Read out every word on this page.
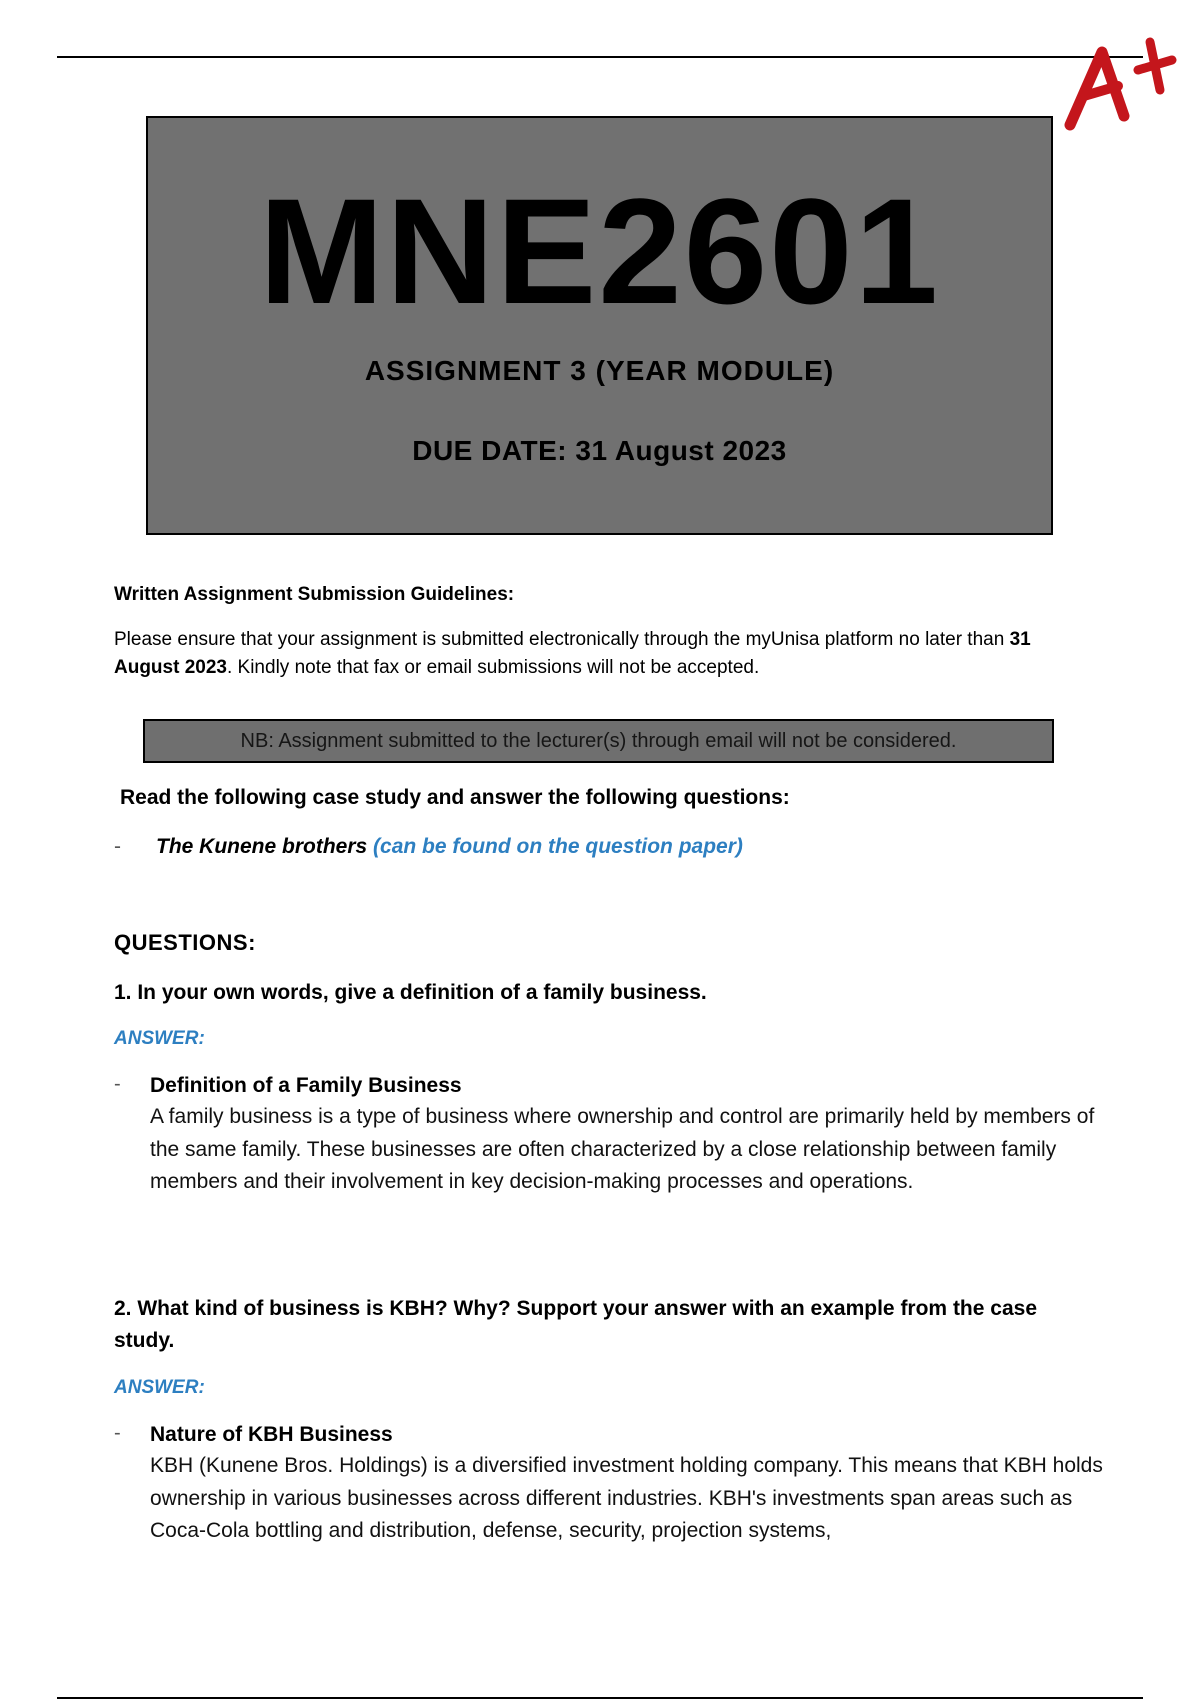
MNE2601
ASSIGNMENT 3 (YEAR MODULE)
DUE DATE: 31 August 2023
Written Assignment Submission Guidelines:
Please ensure that your assignment is submitted electronically through the myUnisa platform no later than 31 August 2023. Kindly note that fax or email submissions will not be accepted.
NB: Assignment submitted to the lecturer(s) through email will not be considered.
Read the following case study and answer the following questions:
- The Kunene brothers (can be found on the question paper)
QUESTIONS:
1. In your own words, give a definition of a family business.
ANSWER:
- Definition of a Family Business
A family business is a type of business where ownership and control are primarily held by members of the same family. These businesses are often characterized by a close relationship between family members and their involvement in key decision-making processes and operations.
2. What kind of business is KBH? Why? Support your answer with an example from the case study.
ANSWER:
- Nature of KBH Business
KBH (Kunene Bros. Holdings) is a diversified investment holding company. This means that KBH holds ownership in various businesses across different industries. KBH's investments span areas such as Coca-Cola bottling and distribution, defense, security, projection systems,
